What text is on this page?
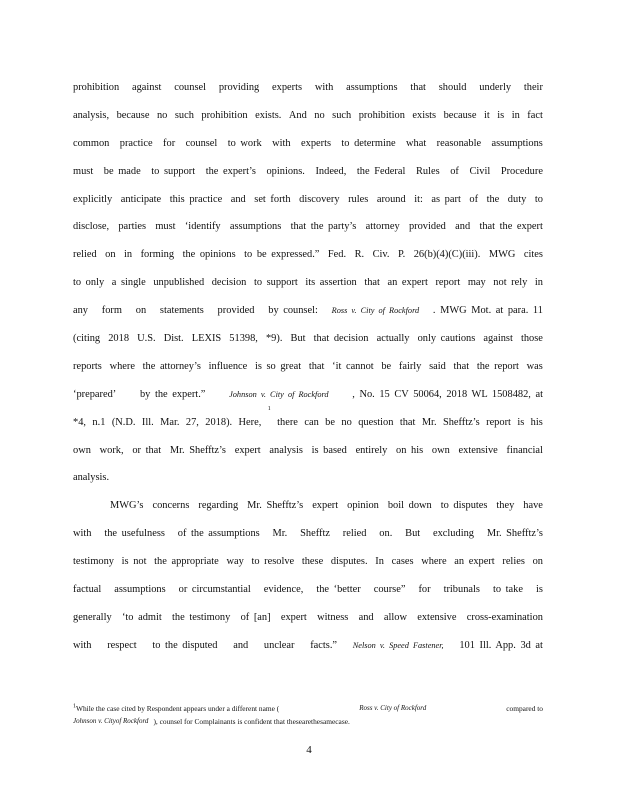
prohibition against counsel providing experts with assumptions that should underly their
analysis, because no such prohibition exists. And no such prohibition exists because it is in fact
common practice for counsel to work with experts to determine what reasonable assumptions
must be made to support the expert’s opinions. Indeed, the Federal Rules of Civil Procedure
explicitly anticipate this practice and set forth discovery rules around it: as part of the duty to
disclose, parties must ‘identify assumptions that the party’s attorney provided and that the expert
relied on in forming the opinions to be expressed.” Fed. R. Civ. P. 26(b)(4)(C)(iii). MWG cites
to only a single unpublished decision to support its assertion that an expert report may not rely in
any form on statements provided by counsel: Ross v. City of Rockford . MWG Mot. at para. 11
(citing 2018 U.S. Dist. LEXIS 51398, *9). But that decision actually only cautions against those
reports where the attorney’s influence is so great that ‘it cannot be fairly said that the report was
‘prepared’ by the expert.”	Johnson v. City of Rockford , No. 15 CV 50064, 2018 WL 1508482, at
*4, n.1 (N.D. Ill. Mar. 27, 2018). Here,
1
there can be no question that Mr. Shefftz’s report is his
own work, or that Mr. Shefftz’s expert analysis is based entirely on his own extensive financial
analysis.
MWG’s concerns regarding Mr. Shefftz’s expert opinion boil down to disputes they have
with the usefulness of the assumptions Mr. Shefftz relied on. But excluding Mr. Shefftz’s
testimony is not the appropriate way to resolve these disputes. In cases where an expert relies on
factual assumptions or circumstantial evidence, the ‘better course” for tribunals to take is
generally ‘to admit the testimony of [an] expert witness and allow extensive cross-examination
with respect to the disputed and unclear facts.” Nelson v. Speed Fastener, 101 Ill. App. 3d at
$^1$While the case cited by Respondent appears under a different name (	Ross v. City of Rockford	compared to
Johnson v. Cityof Rockford ), counsel for Complainants is confident that thesearethesamecase.
4
